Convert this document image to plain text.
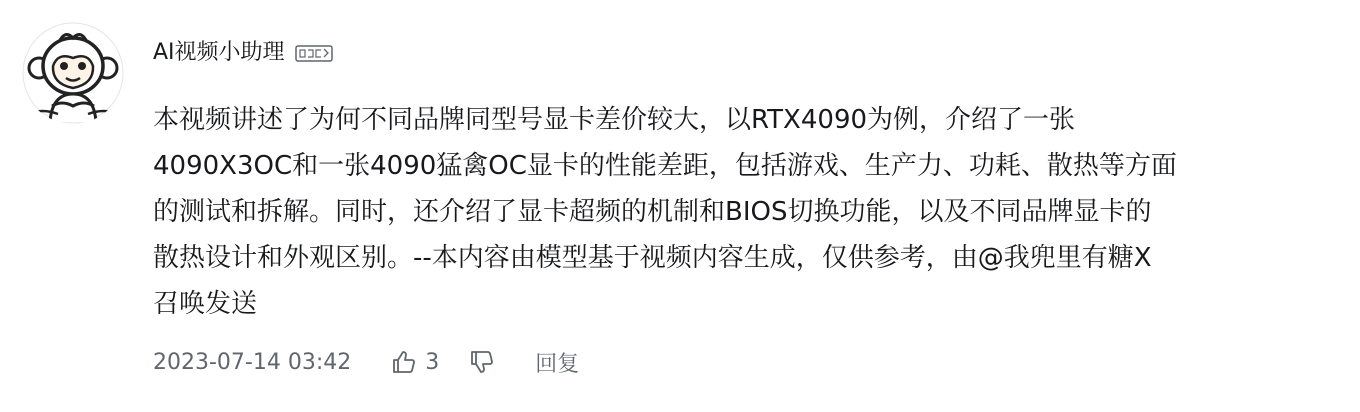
AI视频小助理
本视频讲述了为何不同品牌同型号显卡差价较大，以RTX4090为例，介绍了一张
4090X3OC和一张4090猛禽OC显卡的性能差距，包括游戏、生产力、功耗、散热等方面
的测试和拆解。同时，还介绍了显卡超频的机制和BIOS切换功能，以及不同品牌显卡的
散热设计和外观区别。--本内容由模型基于视频内容生成，仅供参考，由@我兜里有糖X
召唤发送
2023-07-14 03:42	3	回复
